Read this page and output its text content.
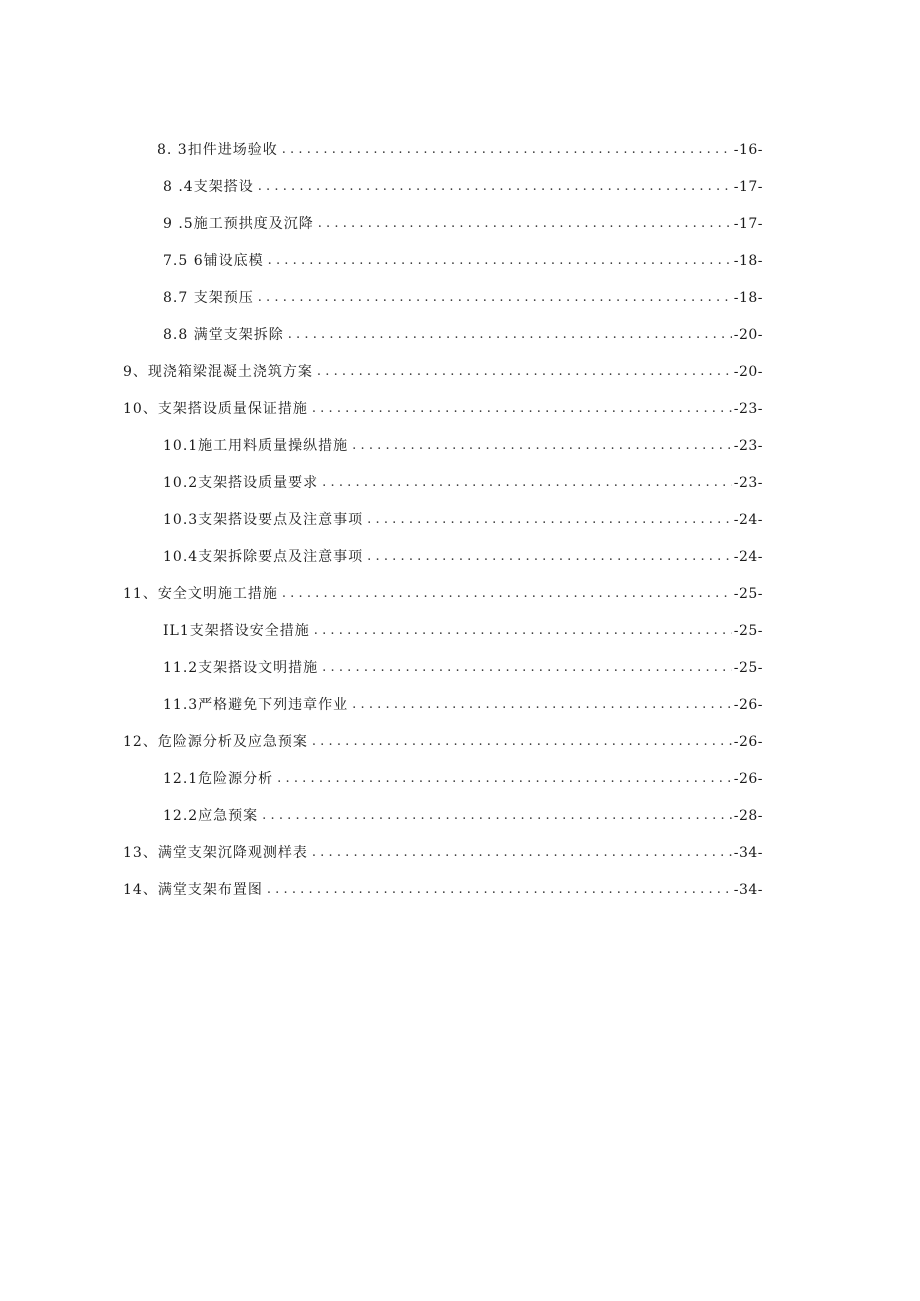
8. 3扣件进场验收 .....	-16-
8 .4支架搭设 .....	-17-
9 .5施工预拱度及沉降 .....	-17-
7.5 6铺设底模 .....	-18-
8.7 支架预压 .....	-18-
8.8 满堂支架拆除 .....	-20-
9、现浇箱梁混凝土浇筑方案 .....	-20-
10、支架搭设质量保证措施 .....	-23-
10.1施工用料质量操纵措施 .....	-23-
10.2支架搭设质量要求 .....	-23-
10.3支架搭设要点及注意事项 .....	-24-
10.4支架拆除要点及注意事项 .....	-24-
11、安全文明施工措施 .....	-25-
IL1支架搭设安全措施 .....	-25-
11.2支架搭设文明措施 .....	-25-
11.3严格避免下列违章作业 .....	-26-
12、危险源分析及应急预案 .....	-26-
12.1危险源分析 .....	-26-
12.2应急预案 .....	-28-
13、满堂支架沉降观测样表 .....	-34-
14、满堂支架布置图 .....	-34-
